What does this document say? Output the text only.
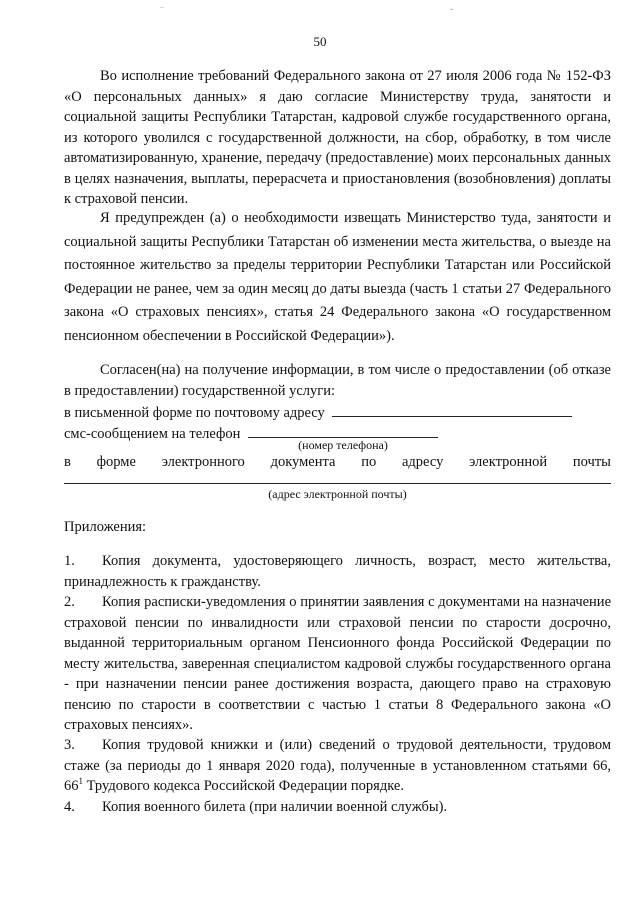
‾	ˇ
50

Во исполнение требований Федерального закона от 27 июля 2006 года № 152-ФЗ «О персональных данных» я даю согласие Министерству труда, занятости и социальной защиты Республики Татарстан, кадровой службе государственного органа, из которого уволился с государственной должности, на сбор, обработку, в том числе автоматизированную, хранение, передачу (предоставление) моих персональных данных в целях назначения, выплаты, перерасчета и приостановления (возобновления) доплаты к страховой пенсии.

Я предупрежден (а) о необходимости извещать Министерство туда, занятости и социальной защиты Республики Татарстан об изменении места жительства, о выезде на постоянное жительство за пределы территории Республики Татарстан или Российской Федерации не ранее, чем за один месяц до даты выезда (часть 1 статьи 27 Федерального закона «О страховых пенсиях», статья 24 Федерального закона «О государственном пенсионном обеспечении в Российской Федерации»).

Согласен(на) на получение информации, в том числе о предоставлении (об отказе в предоставлении) государственной услуги:

в письменной форме по почтовому адресу
смс-сообщением на телефон
(номер телефона)
в форме электронного документа по адресу электронной почты
(адрес электронной почты)
Приложения:
1. Копия документа, удостоверяющего личность, возраст, место жительства, принадлежность к гражданству.
2. Копия расписки-уведомления о принятии заявления с документами на назначение страховой пенсии по инвалидности или страховой пенсии по старости досрочно, выданной территориальным органом Пенсионного фонда Российской Федерации по месту жительства, заверенная специалистом кадровой службы государственного органа - при назначении пенсии ранее достижения возраста, дающего право на страховую пенсию по старости в соответствии с частью 1 статьи 8 Федерального закона «О страховых пенсиях».
3. Копия трудовой книжки и (или) сведений о трудовой деятельности, трудовом стаже (за периоды до 1 января 2020 года), полученные в установленном статьями 66, $66^1$ Трудового кодекса Российской Федерации порядке.
4. Копия военного билета (при наличии военной службы).
